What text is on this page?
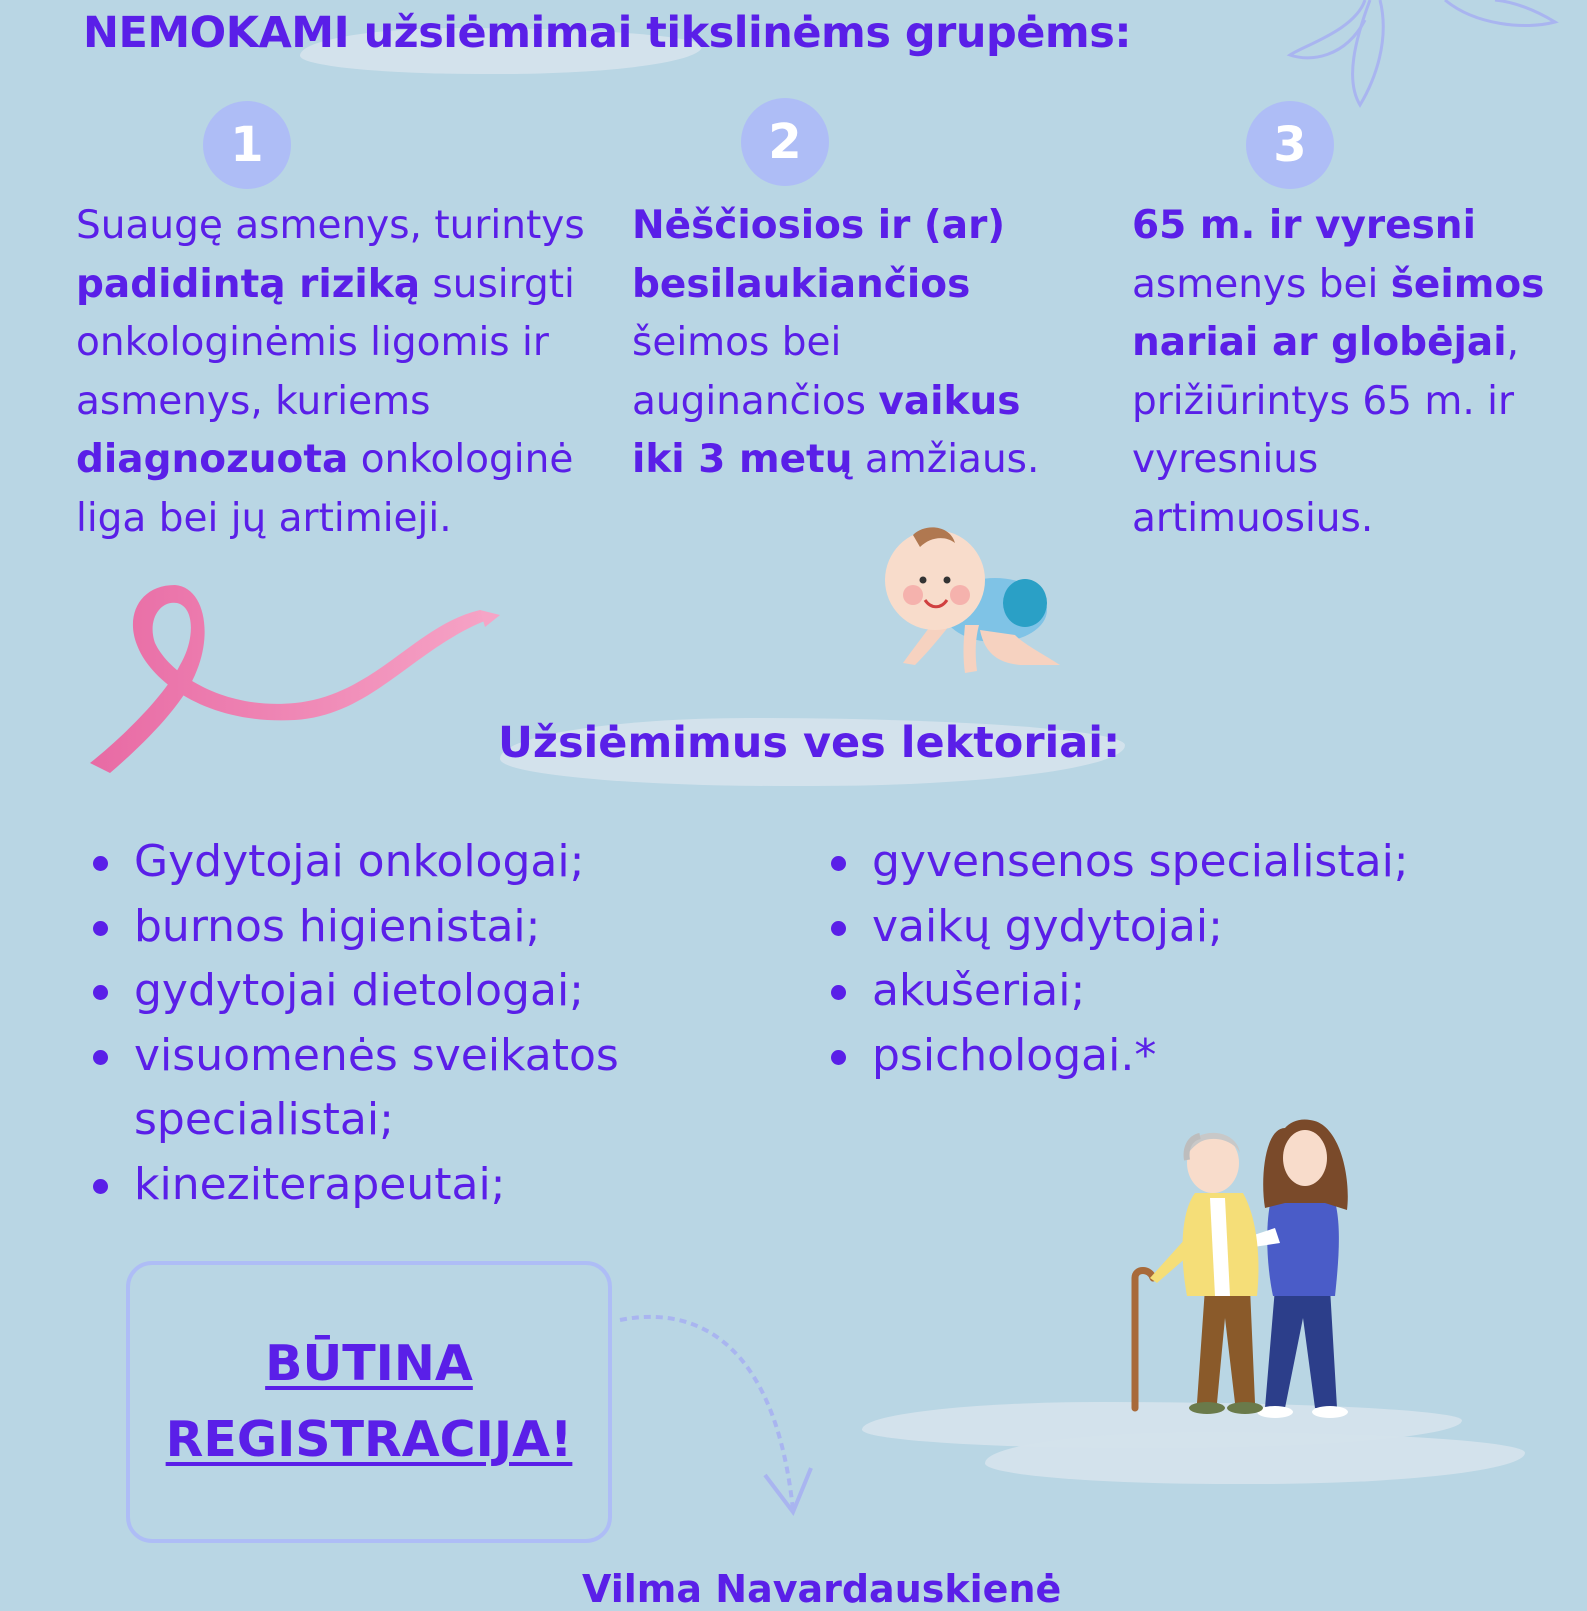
NEMOKAMI užsiėmimai tikslinėms grupėms:
1	2	3

Suaugę asmenys, turintys padidintą riziką susirgti onkologinėmis ligomis ir asmenys, kuriems diagnozuota onkologinė liga bei jų artimieji.

Nėščiosios ir (ar) besilaukiančios šeimos bei auginančios vaikus iki 3 metų amžiaus.

65 m. ir vyresni asmenys bei šeimos nariai ar globėjai, prižiūrintys 65 m. ir vyresnius artimuosius.

Užsiėmimus ves lektoriai:
Gydytojai onkologai;
burnos higienistai;
gydytojai dietologai;
visuomenės sveikatos specialistai;
kineziterapeutai;
gyvensenos specialistai;
vaikų gydytojai;
akušeriai;
psichologai.*
BŪTINA
REGISTRACIJA!
Vilma Navardauskienė
